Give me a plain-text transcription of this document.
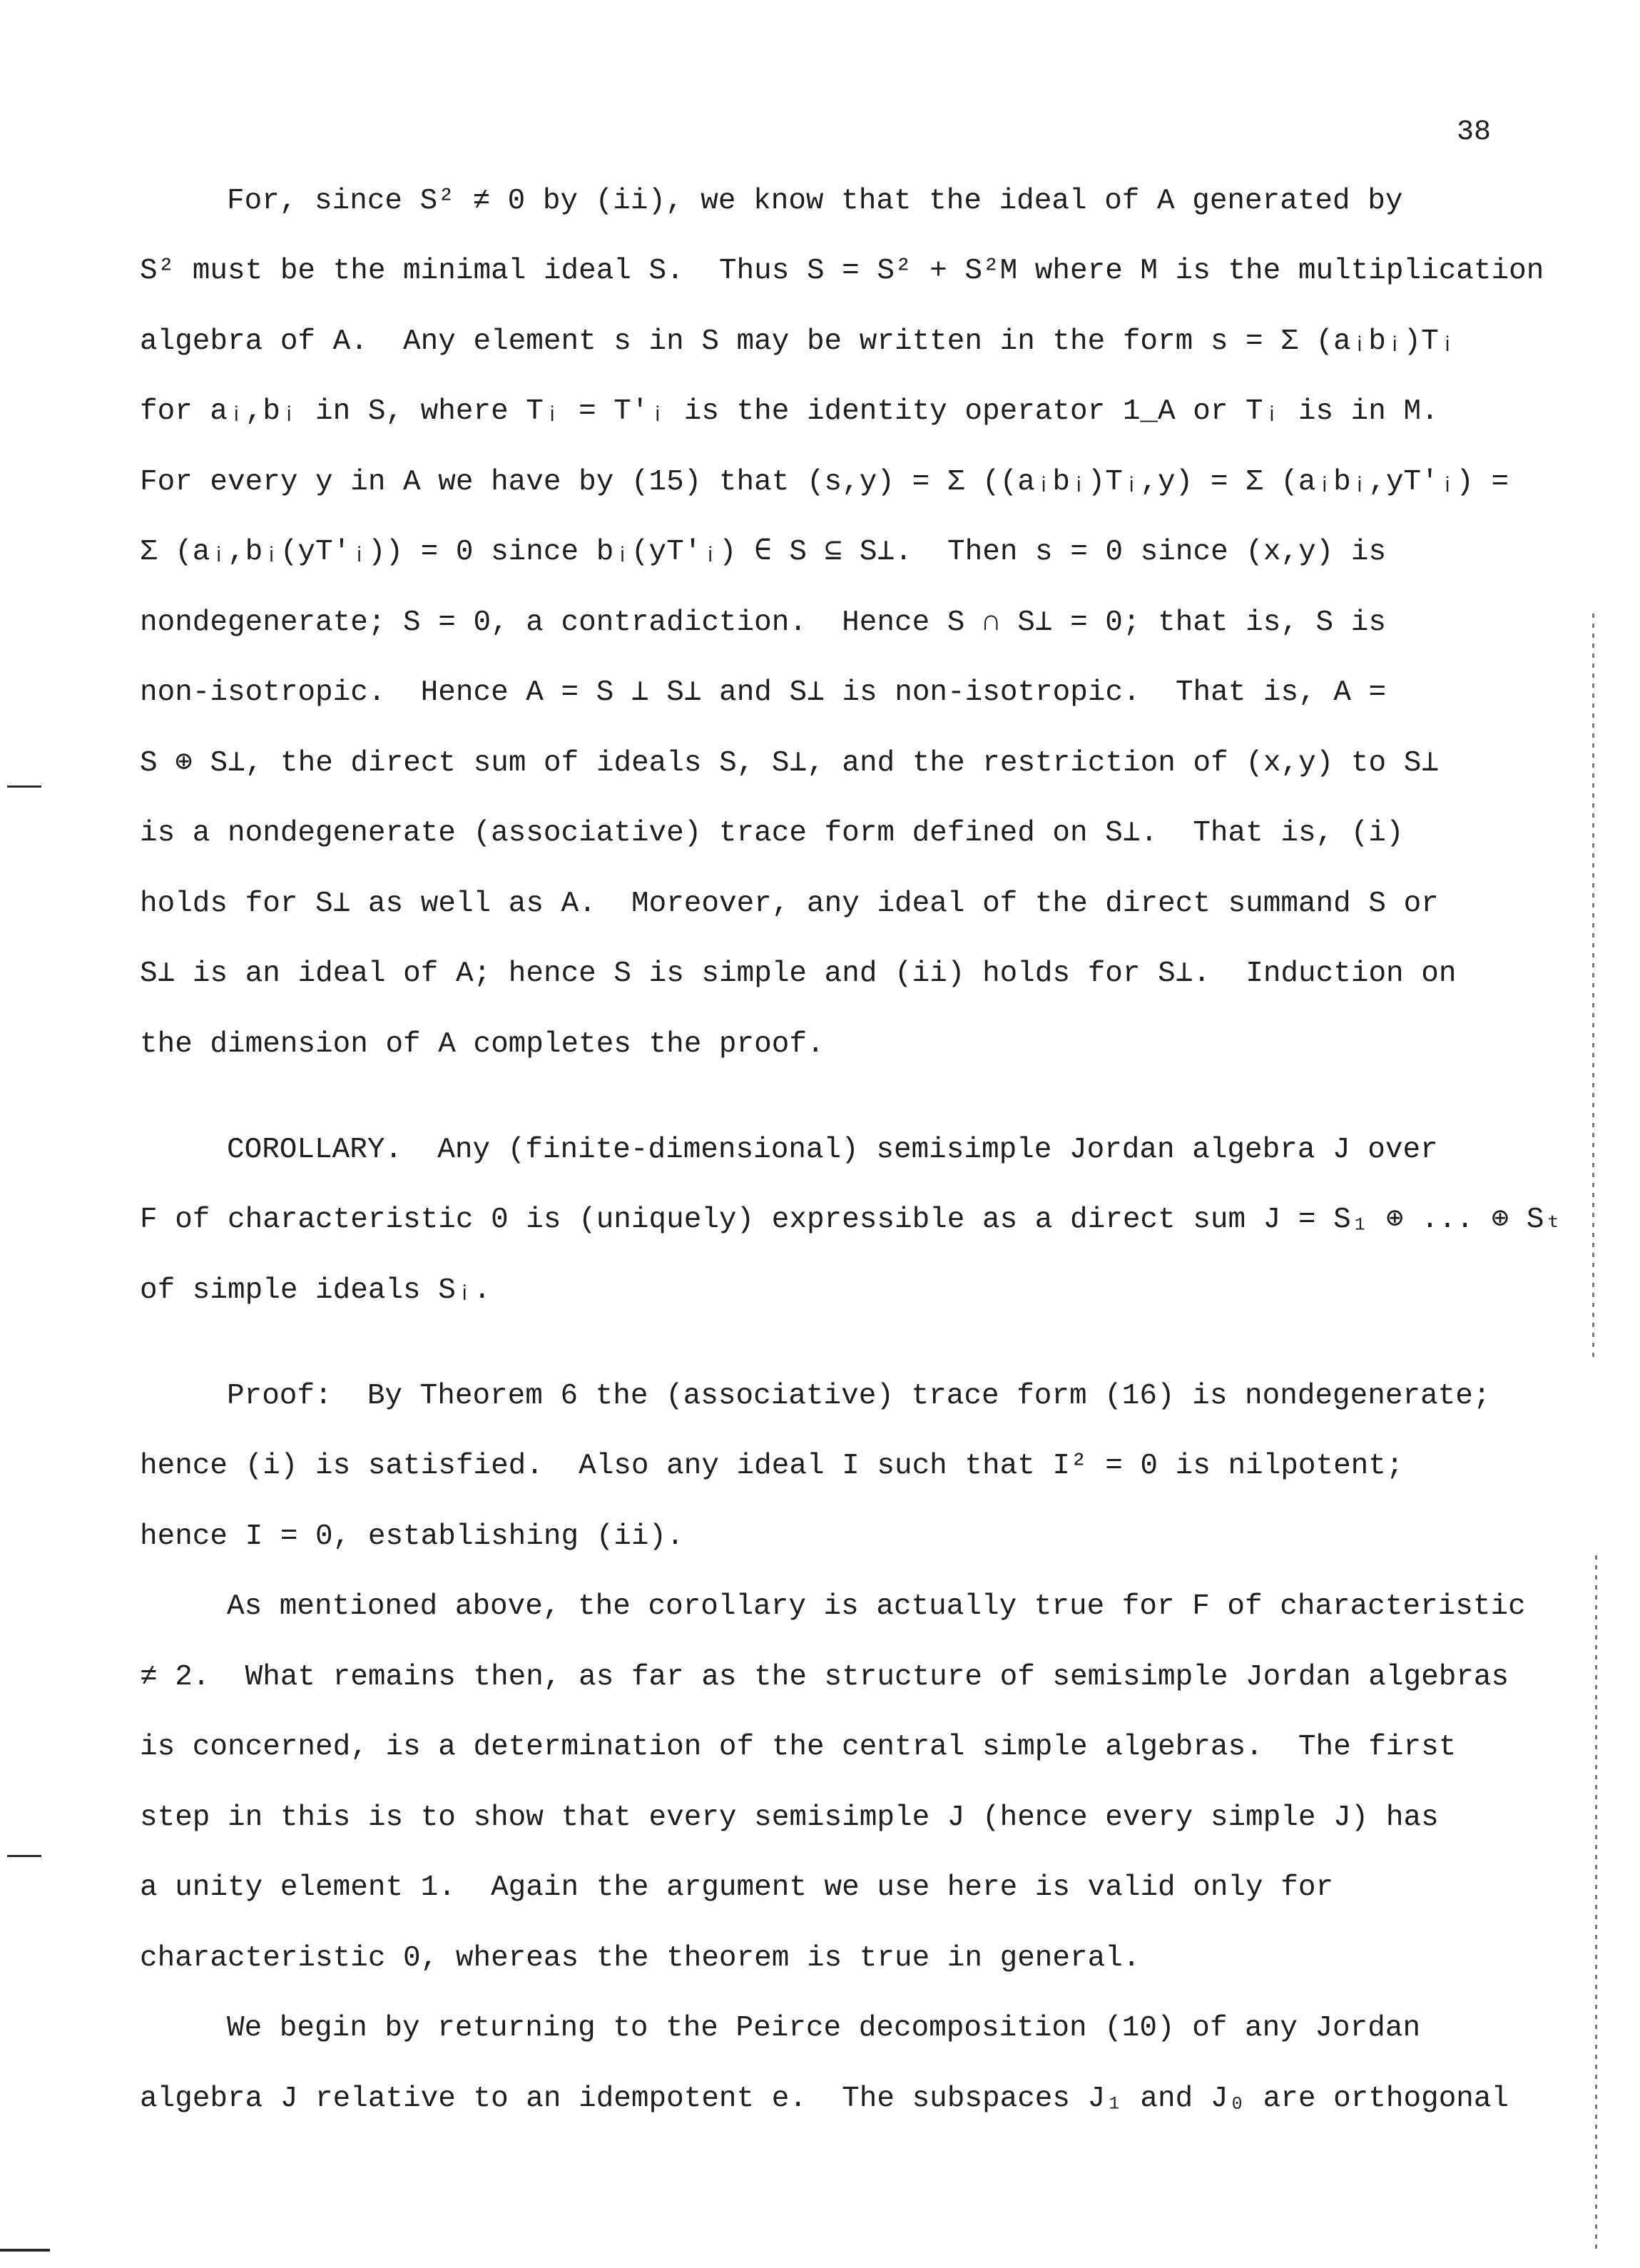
38
For, since S² ≠ 0 by (ii), we know that the ideal of A generated by
S² must be the minimal ideal S.  Thus S = S² + S²M where M is the multiplication
algebra of A.  Any element s in S may be written in the form s = Σ (aᵢbᵢ)Tᵢ
for aᵢ,bᵢ in S, where Tᵢ = T′ᵢ is the identity operator 1_A or Tᵢ is in M.
For every y in A we have by (15) that (s,y) = Σ ((aᵢbᵢ)Tᵢ,y) = Σ (aᵢbᵢ,yT′ᵢ) =
Σ (aᵢ,bᵢ(yT′ᵢ)) = 0 since bᵢ(yT′ᵢ) ∈ S ⊆ S⊥.  Then s = 0 since (x,y) is
nondegenerate; S = 0, a contradiction.  Hence S ∩ S⊥ = 0; that is, S is
non-isotropic.  Hence A = S ⊥ S⊥ and S⊥ is non-isotropic.  That is, A =
S ⊕ S⊥, the direct sum of ideals S, S⊥, and the restriction of (x,y) to S⊥
is a nondegenerate (associative) trace form defined on S⊥.  That is, (i)
holds for S⊥ as well as A.  Moreover, any ideal of the direct summand S or
S⊥ is an ideal of A; hence S is simple and (ii) holds for S⊥.  Induction on
the dimension of A completes the proof.
COROLLARY.  Any (finite-dimensional) semisimple Jordan algebra J over
F of characteristic 0 is (uniquely) expressible as a direct sum J = S₁ ⊕ ... ⊕ Sₜ
of simple ideals Sᵢ.
Proof:  By Theorem 6 the (associative) trace form (16) is nondegenerate;
hence (i) is satisfied.  Also any ideal I such that I² = 0 is nilpotent;
hence I = 0, establishing (ii).
As mentioned above, the corollary is actually true for F of characteristic
≠ 2.  What remains then, as far as the structure of semisimple Jordan algebras
is concerned, is a determination of the central simple algebras.  The first
step in this is to show that every semisimple J (hence every simple J) has
a unity element 1.  Again the argument we use here is valid only for
characteristic 0, whereas the theorem is true in general.
We begin by returning to the Peirce decomposition (10) of any Jordan
algebra J relative to an idempotent e.  The subspaces J₁ and J₀ are orthogonal
